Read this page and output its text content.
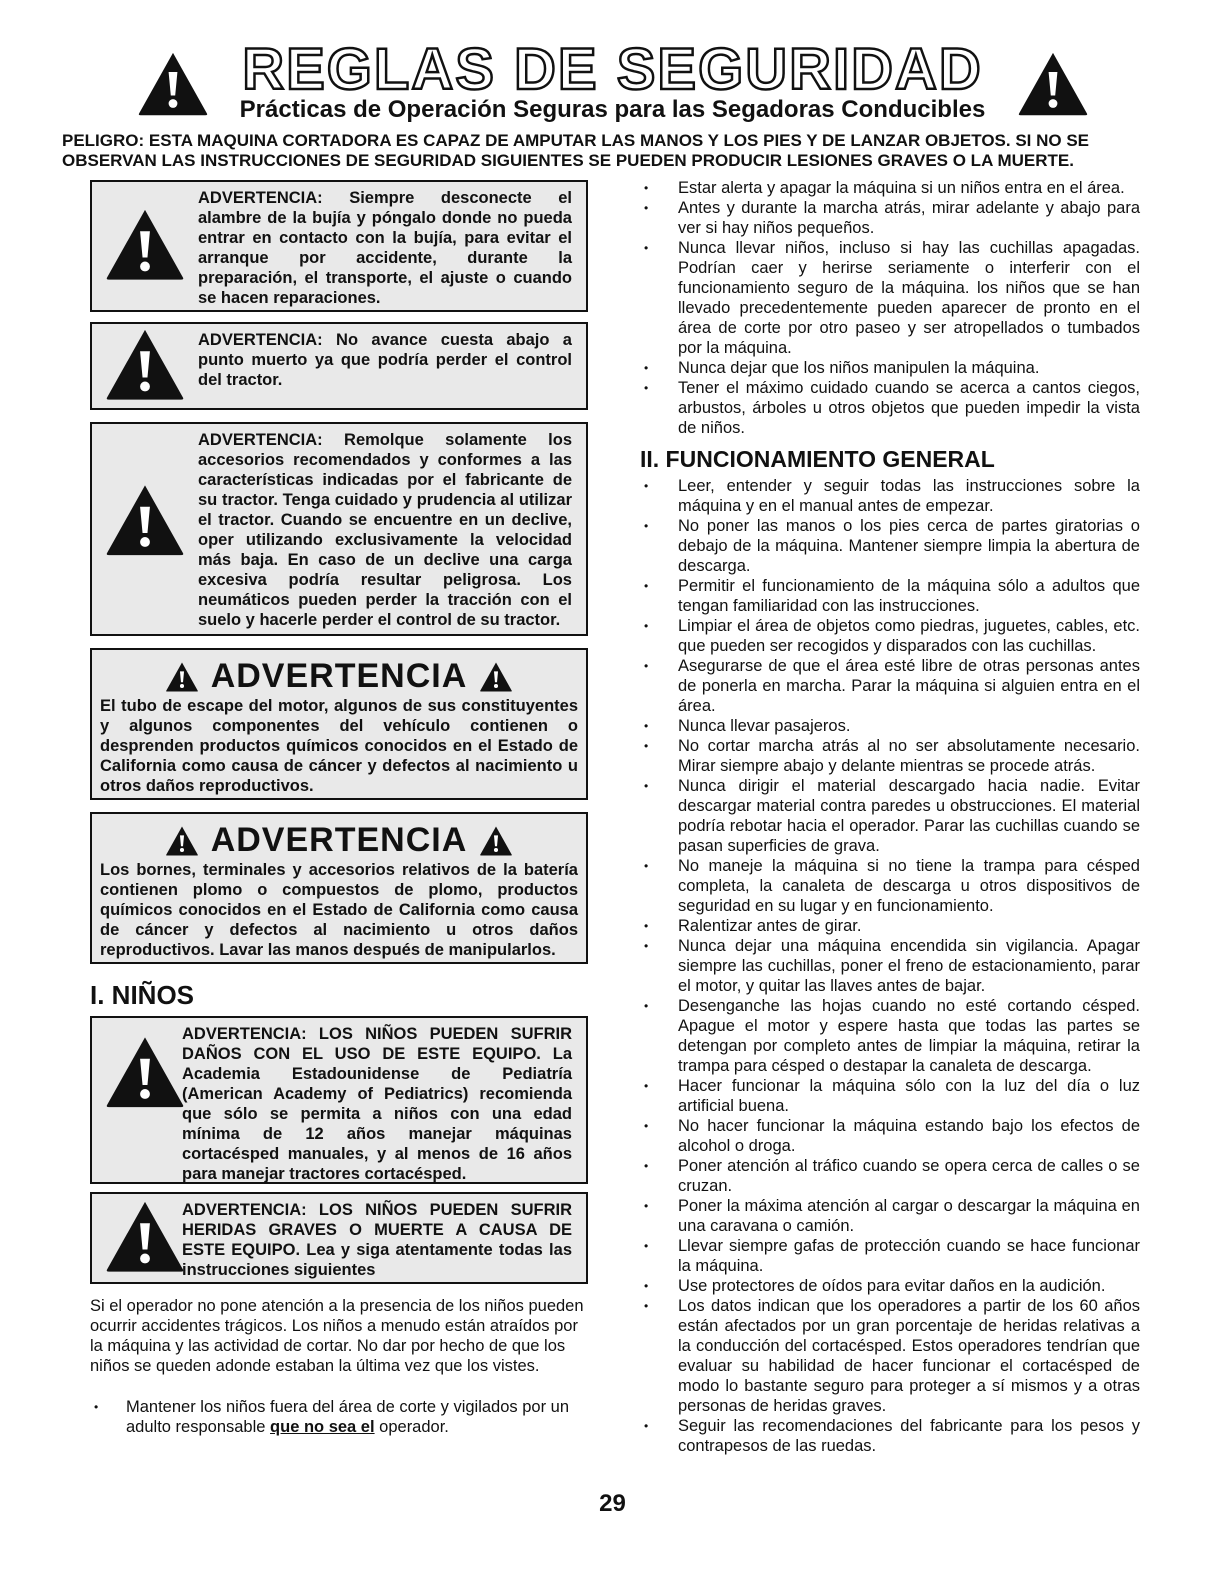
REGLAS DE SEGURIDAD
Prácticas de Operación Seguras para las Segadoras Conducibles
PELIGRO: ESTA MAQUINA CORTADORA ES CAPAZ DE AMPUTAR LAS MANOS Y LOS PIES Y DE LANZAR OBJETOS. SI NO SE OBSERVAN LAS INSTRUCCIONES DE SEGURIDAD SIGUIENTES SE PUEDEN PRODUCIR LESIONES GRAVES O LA MUERTE.
ADVERTENCIA: Siempre desconecte el alambre de la bujía y póngalo donde no pueda entrar en contacto con la bujía, para evitar el arranque por accidente, durante la preparación, el transporte, el ajuste o cuando se hacen reparaciones.
ADVERTENCIA: No avance cuesta abajo a punto muerto ya que podría perder el control del tractor.
ADVERTENCIA: Remolque solamente los accesorios recomendados y conformes a las características indicadas por el fabricante de su tractor. Tenga cuidado y prudencia al utilizar el tractor. Cuando se encuentre en un declive, oper utilizando exclusivamente la velocidad más baja. En caso de un declive una carga excesiva podría resultar peligrosa. Los neumáticos pueden perder la tracción con el suelo y hacerle perder el control de su tractor.
ADVERTENCIA
El tubo de escape del motor, algunos de sus constituyentes y algunos componentes del vehículo contienen o desprenden productos químicos conocidos en el Estado de California como causa de cáncer y defectos al nacimiento u otros daños reproductivos.
ADVERTENCIA
Los bornes, terminales y accesorios relativos de la batería contienen plomo o compuestos de plomo, productos químicos conocidos en el Estado de California como causa de cáncer y defectos al nacimiento u otros daños reproductivos. Lavar las manos después de manipularlos.
I. NIÑOS
ADVERTENCIA: LOS NIÑOS PUEDEN SUFRIR DAÑOS CON EL USO DE ESTE EQUIPO. La Academia Estadounidense de Pediatría (American Academy of Pediatrics) recomienda que sólo se permita a niños con una edad mínima de 12 años manejar máquinas cortacésped manuales, y al menos de 16 años para manejar tractores cortacésped.
ADVERTENCIA: LOS NIÑOS PUEDEN SUFRIR HERIDAS GRAVES O MUERTE A CAUSA DE ESTE EQUIPO. Lea y siga atentamente todas las instrucciones siguientes
Si el operador no pone atención a la presencia de los niños pueden ocurrir accidentes trágicos. Los niños a menudo están atraídos por la máquina y las actividad de cortar. No dar por hecho de que los niños se queden adonde estaban la última vez que los vistes.
• Mantener los niños fuera del área de corte y vigilados por un adulto responsable que no sea el operador.
• Estar alerta y apagar la máquina si un niños entra en el área.
• Antes y durante la marcha atrás, mirar adelante y abajo para ver si hay niños pequeños.
• Nunca llevar niños, incluso si hay las cuchillas apagadas. Podrían caer y herirse seriamente o interferir con el funcionamiento seguro de la máquina. los niños que se han llevado precedentemente pueden aparecer de pronto en el área de corte por otro paseo y ser atropellados o tumbados por la máquina.
• Nunca dejar que los niños manipulen la máquina.
• Tener el máximo cuidado cuando se acerca a cantos ciegos, arbustos, árboles u otros objetos que pueden impedir la vista de niños.
II. FUNCIONAMIENTO GENERAL
• Leer, entender y seguir todas las instrucciones sobre la máquina y en el manual antes de empezar.
• No poner las manos o los pies cerca de partes giratorias o debajo de la máquina. Mantener siempre limpia la abertura de descarga.
• Permitir el funcionamiento de la máquina sólo a adultos que tengan familiaridad con las instrucciones.
• Limpiar el área de objetos como piedras, juguetes, cables, etc. que pueden ser recogidos y disparados con las cuchillas.
• Asegurarse de que el área esté libre de otras personas antes de ponerla en marcha. Parar la máquina si alguien entra en el área.
• Nunca llevar pasajeros.
• No cortar marcha atrás al no ser absolutamente necesario. Mirar siempre abajo y delante mientras se procede atrás.
• Nunca dirigir el material descargado hacia nadie. Evitar descargar material contra paredes u obstrucciones. El material podría rebotar hacia el operador. Parar las cuchillas cuando se pasan superficies de grava.
• No maneje la máquina si no tiene la trampa para césped completa, la canaleta de descarga u otros dispositivos de seguridad en su lugar y en funcionamiento.
• Ralentizar antes de girar.
• Nunca dejar una máquina encendida sin vigilancia. Apagar siempre las cuchillas, poner el freno de estacionamiento, parar el motor, y quitar las llaves antes de bajar.
• Desenganche las hojas cuando no esté cortando césped. Apague el motor y espere hasta que todas las partes se detengan por completo antes de limpiar la máquina, retirar la trampa para césped o destapar la canaleta de descarga.
• Hacer funcionar la máquina sólo con la luz del día o luz artificial buena.
• No hacer funcionar la máquina estando bajo los efectos de alcohol o droga.
• Poner atención al tráfico cuando se opera cerca de calles o se cruzan.
• Poner la máxima atención al cargar o descargar la máquina en una caravana o camión.
• Llevar siempre gafas de protección cuando se hace funcionar la máquina.
• Use protectores de oídos para evitar daños en la audición.
• Los datos indican que los operadores a partir de los 60 años están afectados por un gran porcentaje de heridas relativas a la conducción del cortacésped. Estos operadores tendrían que evaluar su habilidad de hacer funcionar el cortacésped de modo lo bastante seguro para proteger a sí mismos y a otras personas de heridas graves.
• Seguir las recomendaciones del fabricante para los pesos y contrapesos de las ruedas.
29
